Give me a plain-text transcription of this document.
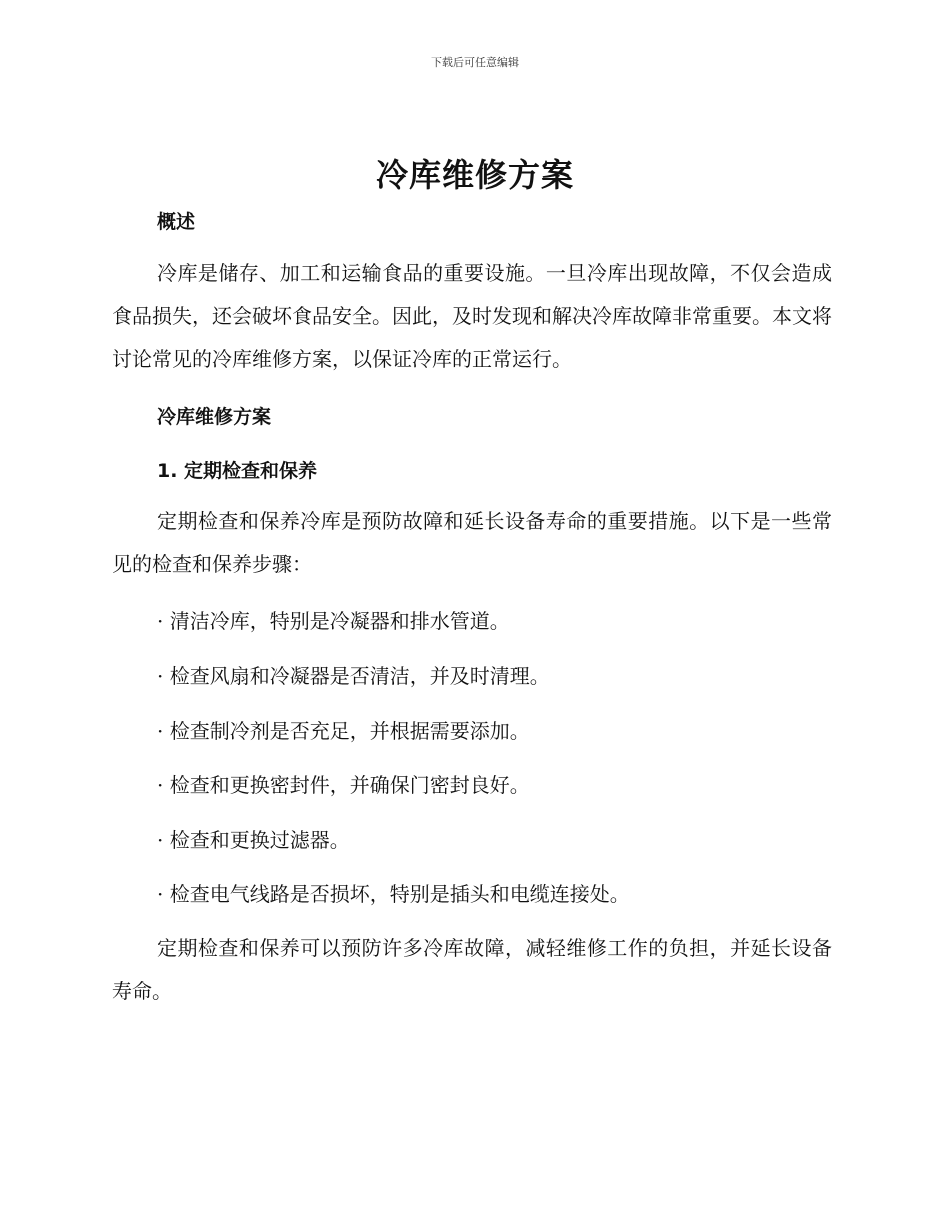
下载后可任意编辑
冷库维修方案
概述
冷库是储存、加工和运输食品的重要设施。一旦冷库出现故障，不仅会造成食品损失，还会破坏食品安全。因此，及时发现和解决冷库故障非常重要。本文将讨论常见的冷库维修方案，以保证冷库的正常运行。
冷库维修方案
1. 定期检查和保养
定期检查和保养冷库是预防故障和延长设备寿命的重要措施。以下是一些常见的检查和保养步骤：
· 清洁冷库，特别是冷凝器和排水管道。
· 检查风扇和冷凝器是否清洁，并及时清理。
· 检查制冷剂是否充足，并根据需要添加。
· 检查和更换密封件，并确保门密封良好。
· 检查和更换过滤器。
· 检查电气线路是否损坏，特别是插头和电缆连接处。
定期检查和保养可以预防许多冷库故障，减轻维修工作的负担，并延长设备寿命。
